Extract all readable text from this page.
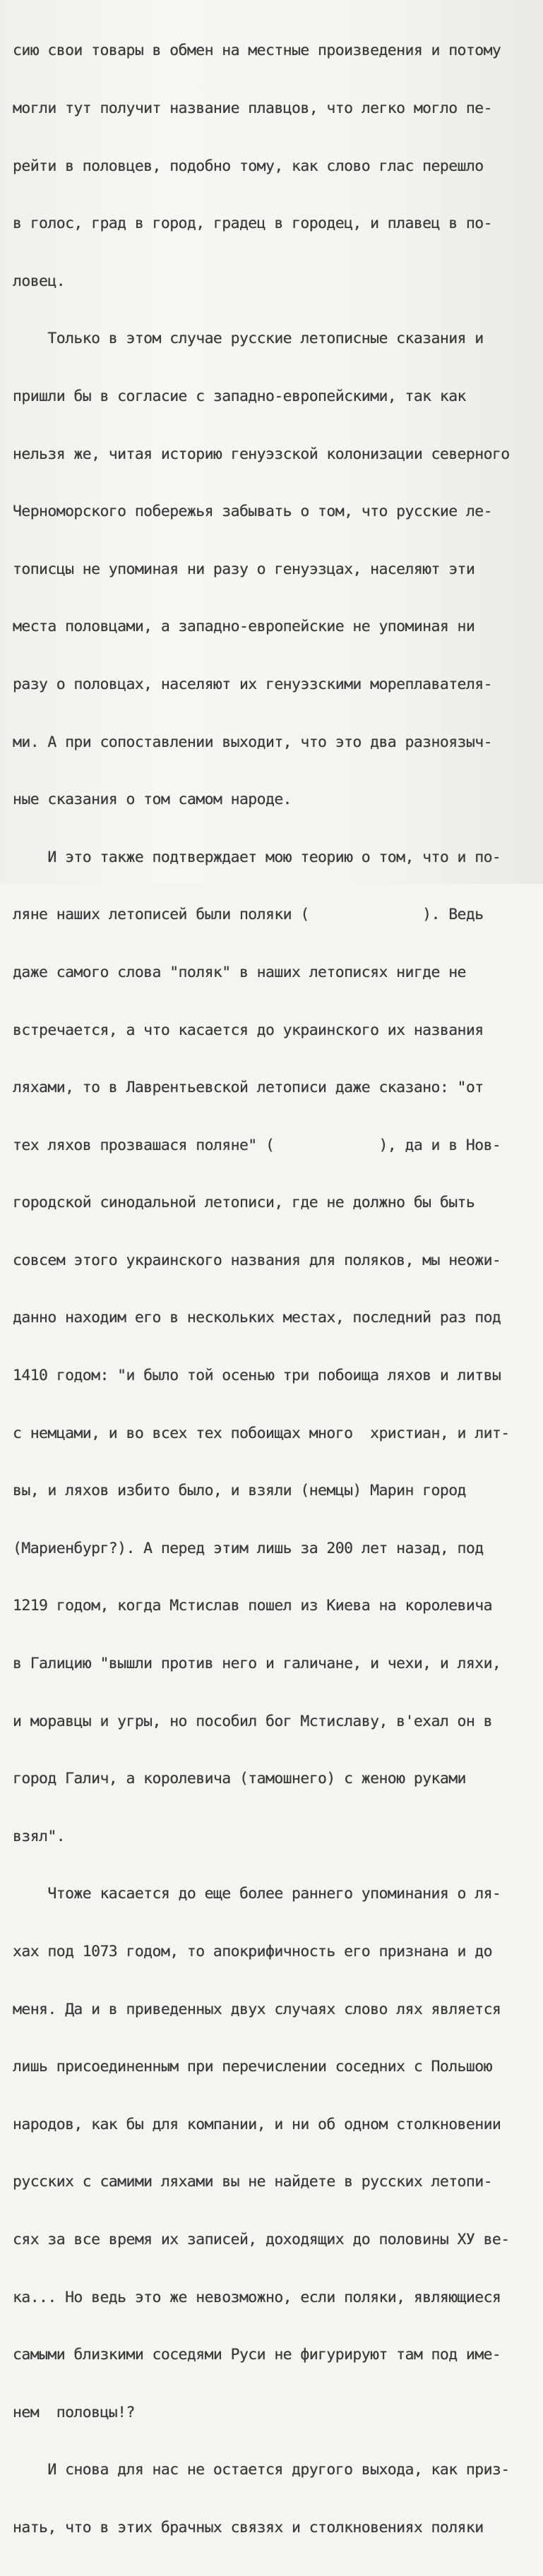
сию свои товары в обмен на местные произведения и потому

могли тут получит название плавцов, что легко могло пе-

рейти в половцев, подобно тому, как слово глас перешло

в голос, град в город, градец в городец, и плавец в по-

ловец.

Только в этом случае русские летописные сказания и

пришли бы в согласие с западно-европейскими, так как

нельзя же, читая историю генуэзской колонизации северного

Черноморского побережья забывать о том, что русские ле-

тописцы не упоминая ни разу о генуэзцах, населяют эти

места половцами, а западно-европейские не упоминая ни

разу о половцах, населяют их генуэзскими мореплавателя-

ми. А при сопоставлении выходит, что это два разноязыч-

ные сказания о том самом народе.

И это также подтверждает мою теорию о том, что и по-

ляне наших летописей были поляки (             ). Ведь

даже самого слова "поляк" в наших летописях нигде не

встречается, а что касается до украинского их названия

ляхами, то в Лаврентьевской летописи даже сказано: "от

тех ляхов прозвашася поляне" (            ), да и в Нов-

городской синодальной летописи, где не должно бы быть

совсем этого украинского названия для поляков, мы неожи-

данно находим его в нескольких местах, последний раз под

1410 годом: "и было той осенью три побоища ляхов и литвы

с немцами, и во всех тех побоищах много  христиан, и лит-

вы, и ляхов избито было, и взяли (немцы) Марин город

(Мариенбург?). А перед этим лишь за 200 лет назад, под

1219 годом, когда Мстислав пошел из Киева на королевича

в Галицию "вышли против него и галичане, и чехи, и ляхи,

и моравцы и угры, но пособил бог Мстиславу, в'ехал он в

город Галич, а королевича (тамошнего) с женою руками

взял".

Чтоже касается до еще более раннего упоминания о ля-

хах под 1073 годом, то апокрифичность его признана и до

меня. Да и в приведенных двух случаях слово лях является

лишь присоединенным при перечислении соседних с Польшою

народов, как бы для компании, и ни об одном столкновении

русских с самими ляхами вы не найдете в русских летопи-

сях за все время их записей, доходящих до половины ХУ ве-

ка... Но ведь это же невозможно, если поляки, являющиеся

самыми близкими соседями Руси не фигурируют там под име-

нем  половцы!?

И снова для нас не остается другого выхода, как приз-

нать, что в этих брачных связях и столкновениях поляки
